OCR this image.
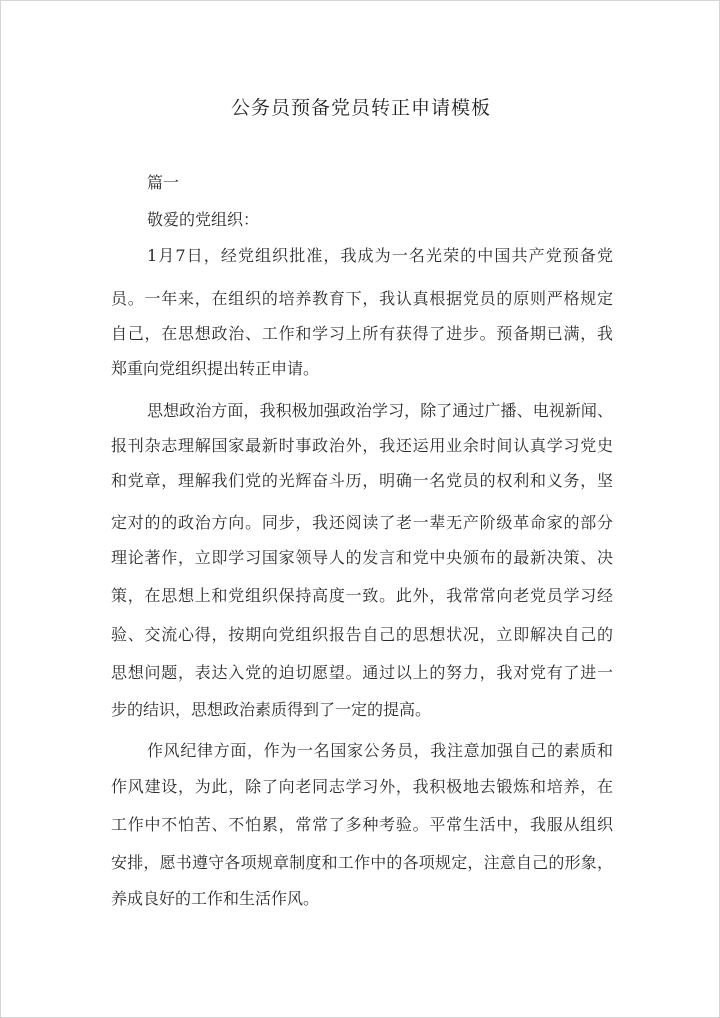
公务员预备党员转正申请模板
篇一
敬爱的党组织：
1月7日，经党组织批准，我成为一名光荣的中国共产党预备党
员。一年来，在组织的培养教育下，我认真根据党员的原则严格规定
自己，在思想政治、工作和学习上所有获得了进步。预备期已满，我
郑重向党组织提出转正申请。
思想政治方面，我积极加强政治学习，除了通过广播、电视新闻、
报刊杂志理解国家最新时事政治外，我还运用业余时间认真学习党史
和党章，理解我们党的光辉奋斗历，明确一名党员的权利和义务，坚
定对的的政治方向。同步，我还阅读了老一辈无产阶级革命家的部分
理论著作，立即学习国家领导人的发言和党中央颁布的最新决策、决
策，在思想上和党组织保持高度一致。此外，我常常向老党员学习经
验、交流心得，按期向党组织报告自己的思想状况，立即解决自己的
思想问题，表达入党的迫切愿望。通过以上的努力，我对党有了进一
步的结识，思想政治素质得到了一定的提高。
作风纪律方面，作为一名国家公务员，我注意加强自己的素质和
作风建设，为此，除了向老同志学习外，我积极地去锻炼和培养，在
工作中不怕苦、不怕累，常常了多种考验。平常生活中，我服从组织
安排，愿书遵守各项规章制度和工作中的各项规定，注意自己的形象，
养成良好的工作和生活作风。
